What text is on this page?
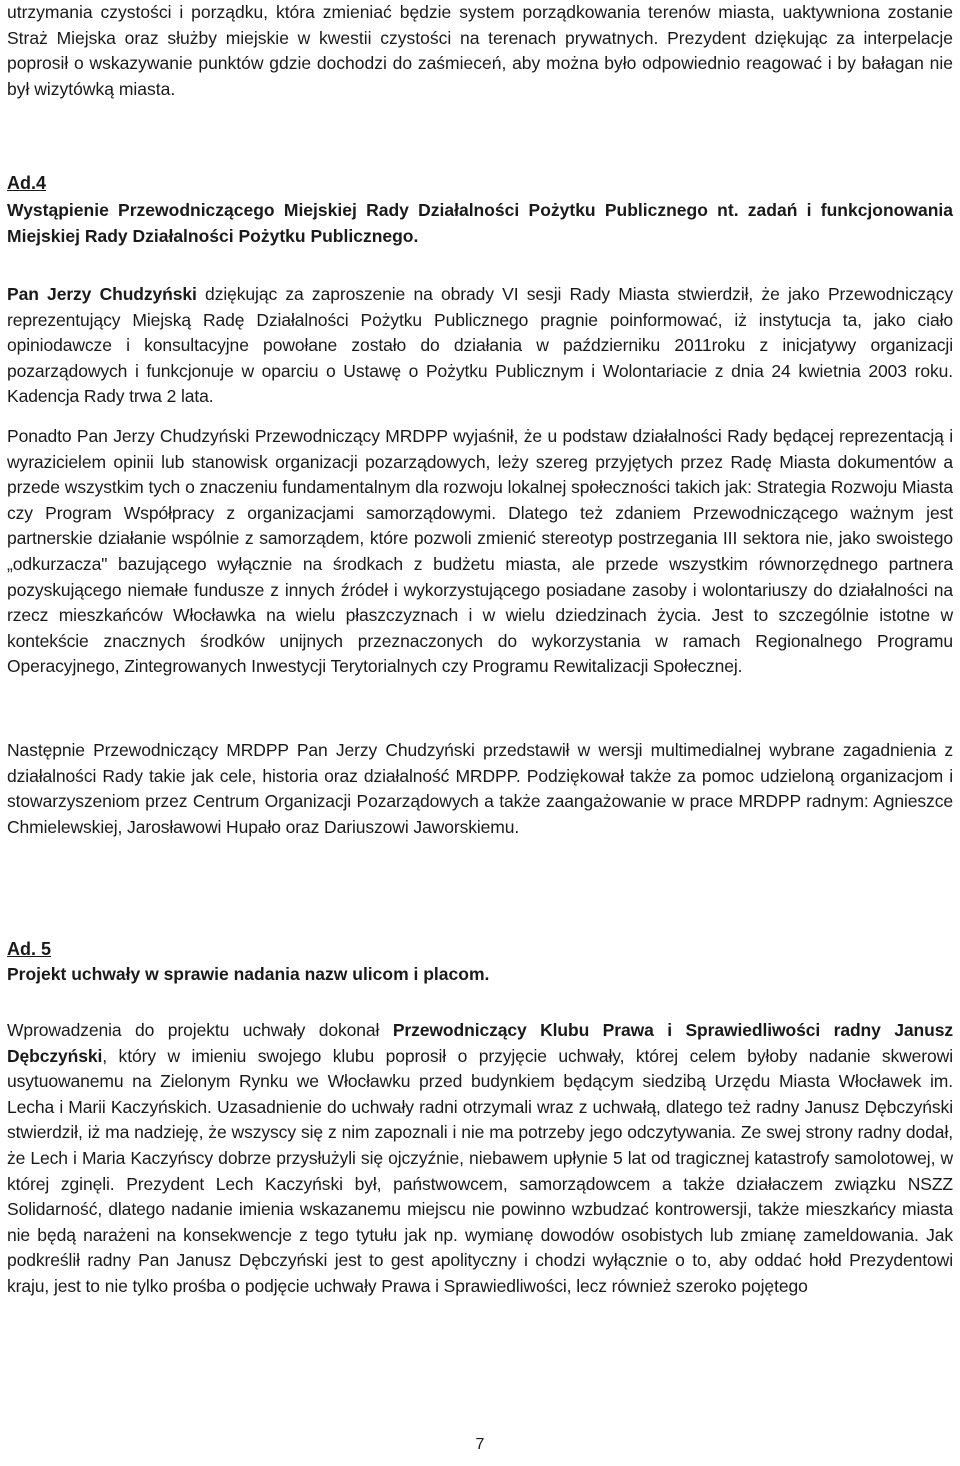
utrzymania czystości i porządku, która zmieniać będzie system porządkowania terenów miasta, uaktywniona zostanie Straż Miejska oraz służby miejskie w kwestii czystości na terenach prywatnych. Prezydent dziękując za interpelacje poprosił o wskazywanie punktów gdzie dochodzi do zaśmieceń, aby można było odpowiednio reagować i by bałagan nie był wizytówką miasta.

Ad.4

Wystąpienie Przewodniczącego Miejskiej Rady Działalności Pożytku Publicznego nt. zadań i funkcjonowania Miejskiej Rady Działalności Pożytku Publicznego.

Pan Jerzy Chudzyński dziękując za zaproszenie na obrady VI sesji Rady Miasta stwierdził, że jako Przewodniczący reprezentujący Miejską Radę Działalności Pożytku Publicznego pragnie poinformować, iż instytucja ta, jako ciało opiniodawcze i konsultacyjne powołane zostało do działania w październiku 2011roku z inicjatywy organizacji pozarządowych i funkcjonuje w oparciu o Ustawę o Pożytku Publicznym i Wolontariacie z dnia 24 kwietnia 2003 roku. Kadencja Rady trwa 2 lata.

Ponadto Pan Jerzy Chudzyński Przewodniczący MRDPP wyjaśnił, że u podstaw działalności Rady będącej reprezentacją i wyrazicielem opinii lub stanowisk organizacji pozarządowych, leży szereg przyjętych przez Radę Miasta dokumentów a przede wszystkim tych o znaczeniu fundamentalnym dla rozwoju lokalnej społeczności takich jak: Strategia Rozwoju Miasta czy Program Współpracy z organizacjami samorządowymi. Dlatego też zdaniem Przewodniczącego ważnym jest partnerskie działanie wspólnie z samorządem, które pozwoli zmienić stereotyp postrzegania III sektora nie, jako swoistego „odkurzacza" bazującego wyłącznie na środkach z budżetu miasta, ale przede wszystkim równorzędnego partnera pozyskującego niemałe fundusze z innych źródeł i wykorzystującego posiadane zasoby i wolontariuszy do działalności na rzecz mieszkańców Włocławka na wielu płaszczyznach i w wielu dziedzinach życia. Jest to szczególnie istotne w kontekście znacznych środków unijnych przeznaczonych do wykorzystania w ramach Regionalnego Programu Operacyjnego, Zintegrowanych Inwestycji Terytorialnych czy Programu Rewitalizacji Społecznej.

Następnie Przewodniczący MRDPP Pan Jerzy Chudzyński przedstawił w wersji multimedialnej wybrane zagadnienia z działalności Rady takie jak cele, historia oraz działalność MRDPP. Podziękował także za pomoc udzieloną organizacjom i stowarzyszeniom przez Centrum Organizacji Pozarządowych a także zaangażowanie w prace MRDPP radnym: Agnieszce Chmielewskiej, Jarosławowi Hupało oraz Dariuszowi Jaworskiemu.

Ad. 5

Projekt uchwały w sprawie nadania nazw ulicom i placom.

Wprowadzenia do projektu uchwały dokonał Przewodniczący Klubu Prawa i Sprawiedliwości radny Janusz Dębczyński, który w imieniu swojego klubu poprosił o przyjęcie uchwały, której celem byłoby nadanie skwerowi usytuowanemu na Zielonym Rynku we Włocławku przed budynkiem będącym siedzibą Urzędu Miasta Włocławek im. Lecha i Marii Kaczyńskich. Uzasadnienie do uchwały radni otrzymali wraz z uchwałą, dlatego też radny Janusz Dębczyński stwierdził, iż ma nadzieję, że wszyscy się z nim zapoznali i nie ma potrzeby jego odczytywania. Ze swej strony radny dodał, że Lech i Maria Kaczyńscy dobrze przysłużyli się ojczyźnie, niebawem upłynie 5 lat od tragicznej katastrofy samolotowej, w której zginęli. Prezydent Lech Kaczyński był, państwowcem, samorządowcem a także działaczem związku NSZZ Solidarność, dlatego nadanie imienia wskazanemu miejscu nie powinno wzbudzać kontrowersji, także mieszkańcy miasta nie będą narażeni na konsekwencje z tego tytułu jak np. wymianę dowodów osobistych lub zmianę zameldowania. Jak podkreślił radny Pan Janusz Dębczyński jest to gest apolityczny i chodzi wyłącznie o to, aby oddać hołd Prezydentowi kraju, jest to nie tylko prośba o podjęcie uchwały Prawa i Sprawiedliwości, lecz również szeroko pojętego

7
